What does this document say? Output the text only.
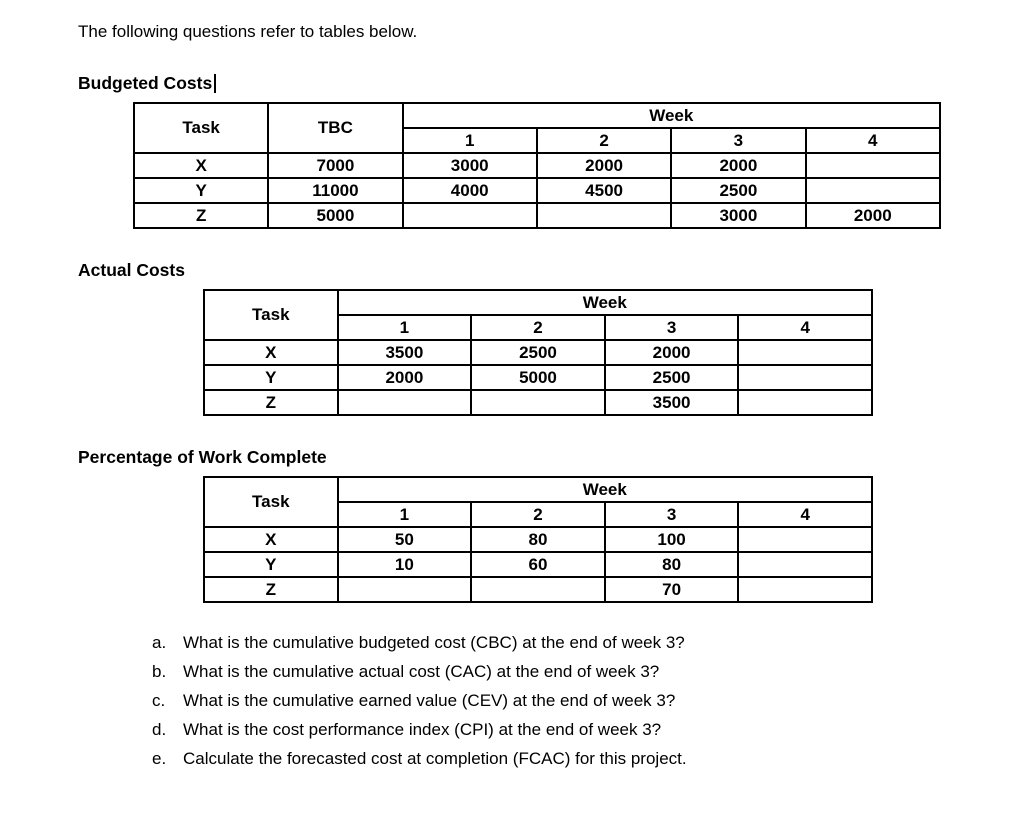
The following questions refer to tables below.

Budgeted Costs
Task	TBC	Week			
		1	2	3	4
X	7000	3000	2000	2000	
Y	11000	4000	4500	2500	
Z	5000			3000	2000
Actual Costs
Task	Week			
	1	2	3	4
X	3500	2500	2000	
Y	2000	5000	2500	
Z			3500	
Percentage of Work Complete
Task	Week			
	1	2	3	4
X	50	80	100	
Y	10	60	80	
Z			70	
a. What is the cumulative budgeted cost (CBC) at the end of week 3?
b. What is the cumulative actual cost (CAC) at the end of week 3?
c.	What is the cumulative earned value (CEV) at the end of week 3?
d. What is the cost performance index (CPI) at the end of week 3?
e. Calculate the forecasted cost at completion (FCAC) for this project.
